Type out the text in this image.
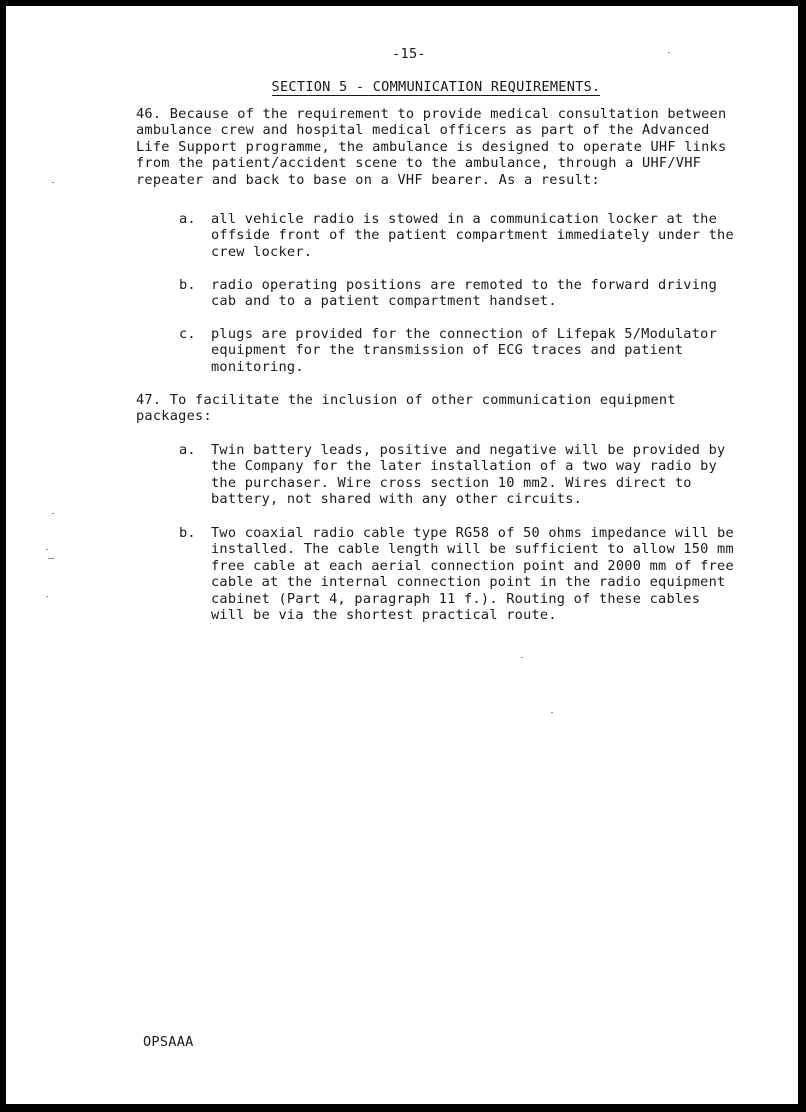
-15-
SECTION 5 - COMMUNICATION REQUIREMENTS.
46. Because of the requirement to provide medical consultation between
ambulance crew and hospital medical officers as part of the Advanced
Life Support programme, the ambulance is designed to operate UHF links
from the patient/accident scene to the ambulance, through a UHF/VHF
repeater and back to base on a VHF bearer. As a result:
a. all vehicle radio is stowed in a communication locker at the
offside front of the patient compartment immediately under the
crew locker.
b. radio operating positions are remoted to the forward driving
cab and to a patient compartment handset.
c. plugs are provided for the connection of Lifepak 5/Modulator
equipment for the transmission of ECG traces and patient
monitoring.
47. To facilitate the inclusion of other communication equipment
packages:
a. Twin battery leads, positive and negative will be provided by
the Company for the later installation of a two way radio by
the purchaser. Wire cross section 10 mm2. Wires direct to
battery, not shared with any other circuits.
b. Two coaxial radio cable type RG58 of 50 ohms impedance will be
installed. The cable length will be sufficient to allow 150 mm
free cable at each aerial connection point and 2000 mm of free
cable at the internal connection point in the radio equipment
cabinet (Part 4, paragraph 11 f.). Routing of these cables
will be via the shortest practical route.
OPSAAA
